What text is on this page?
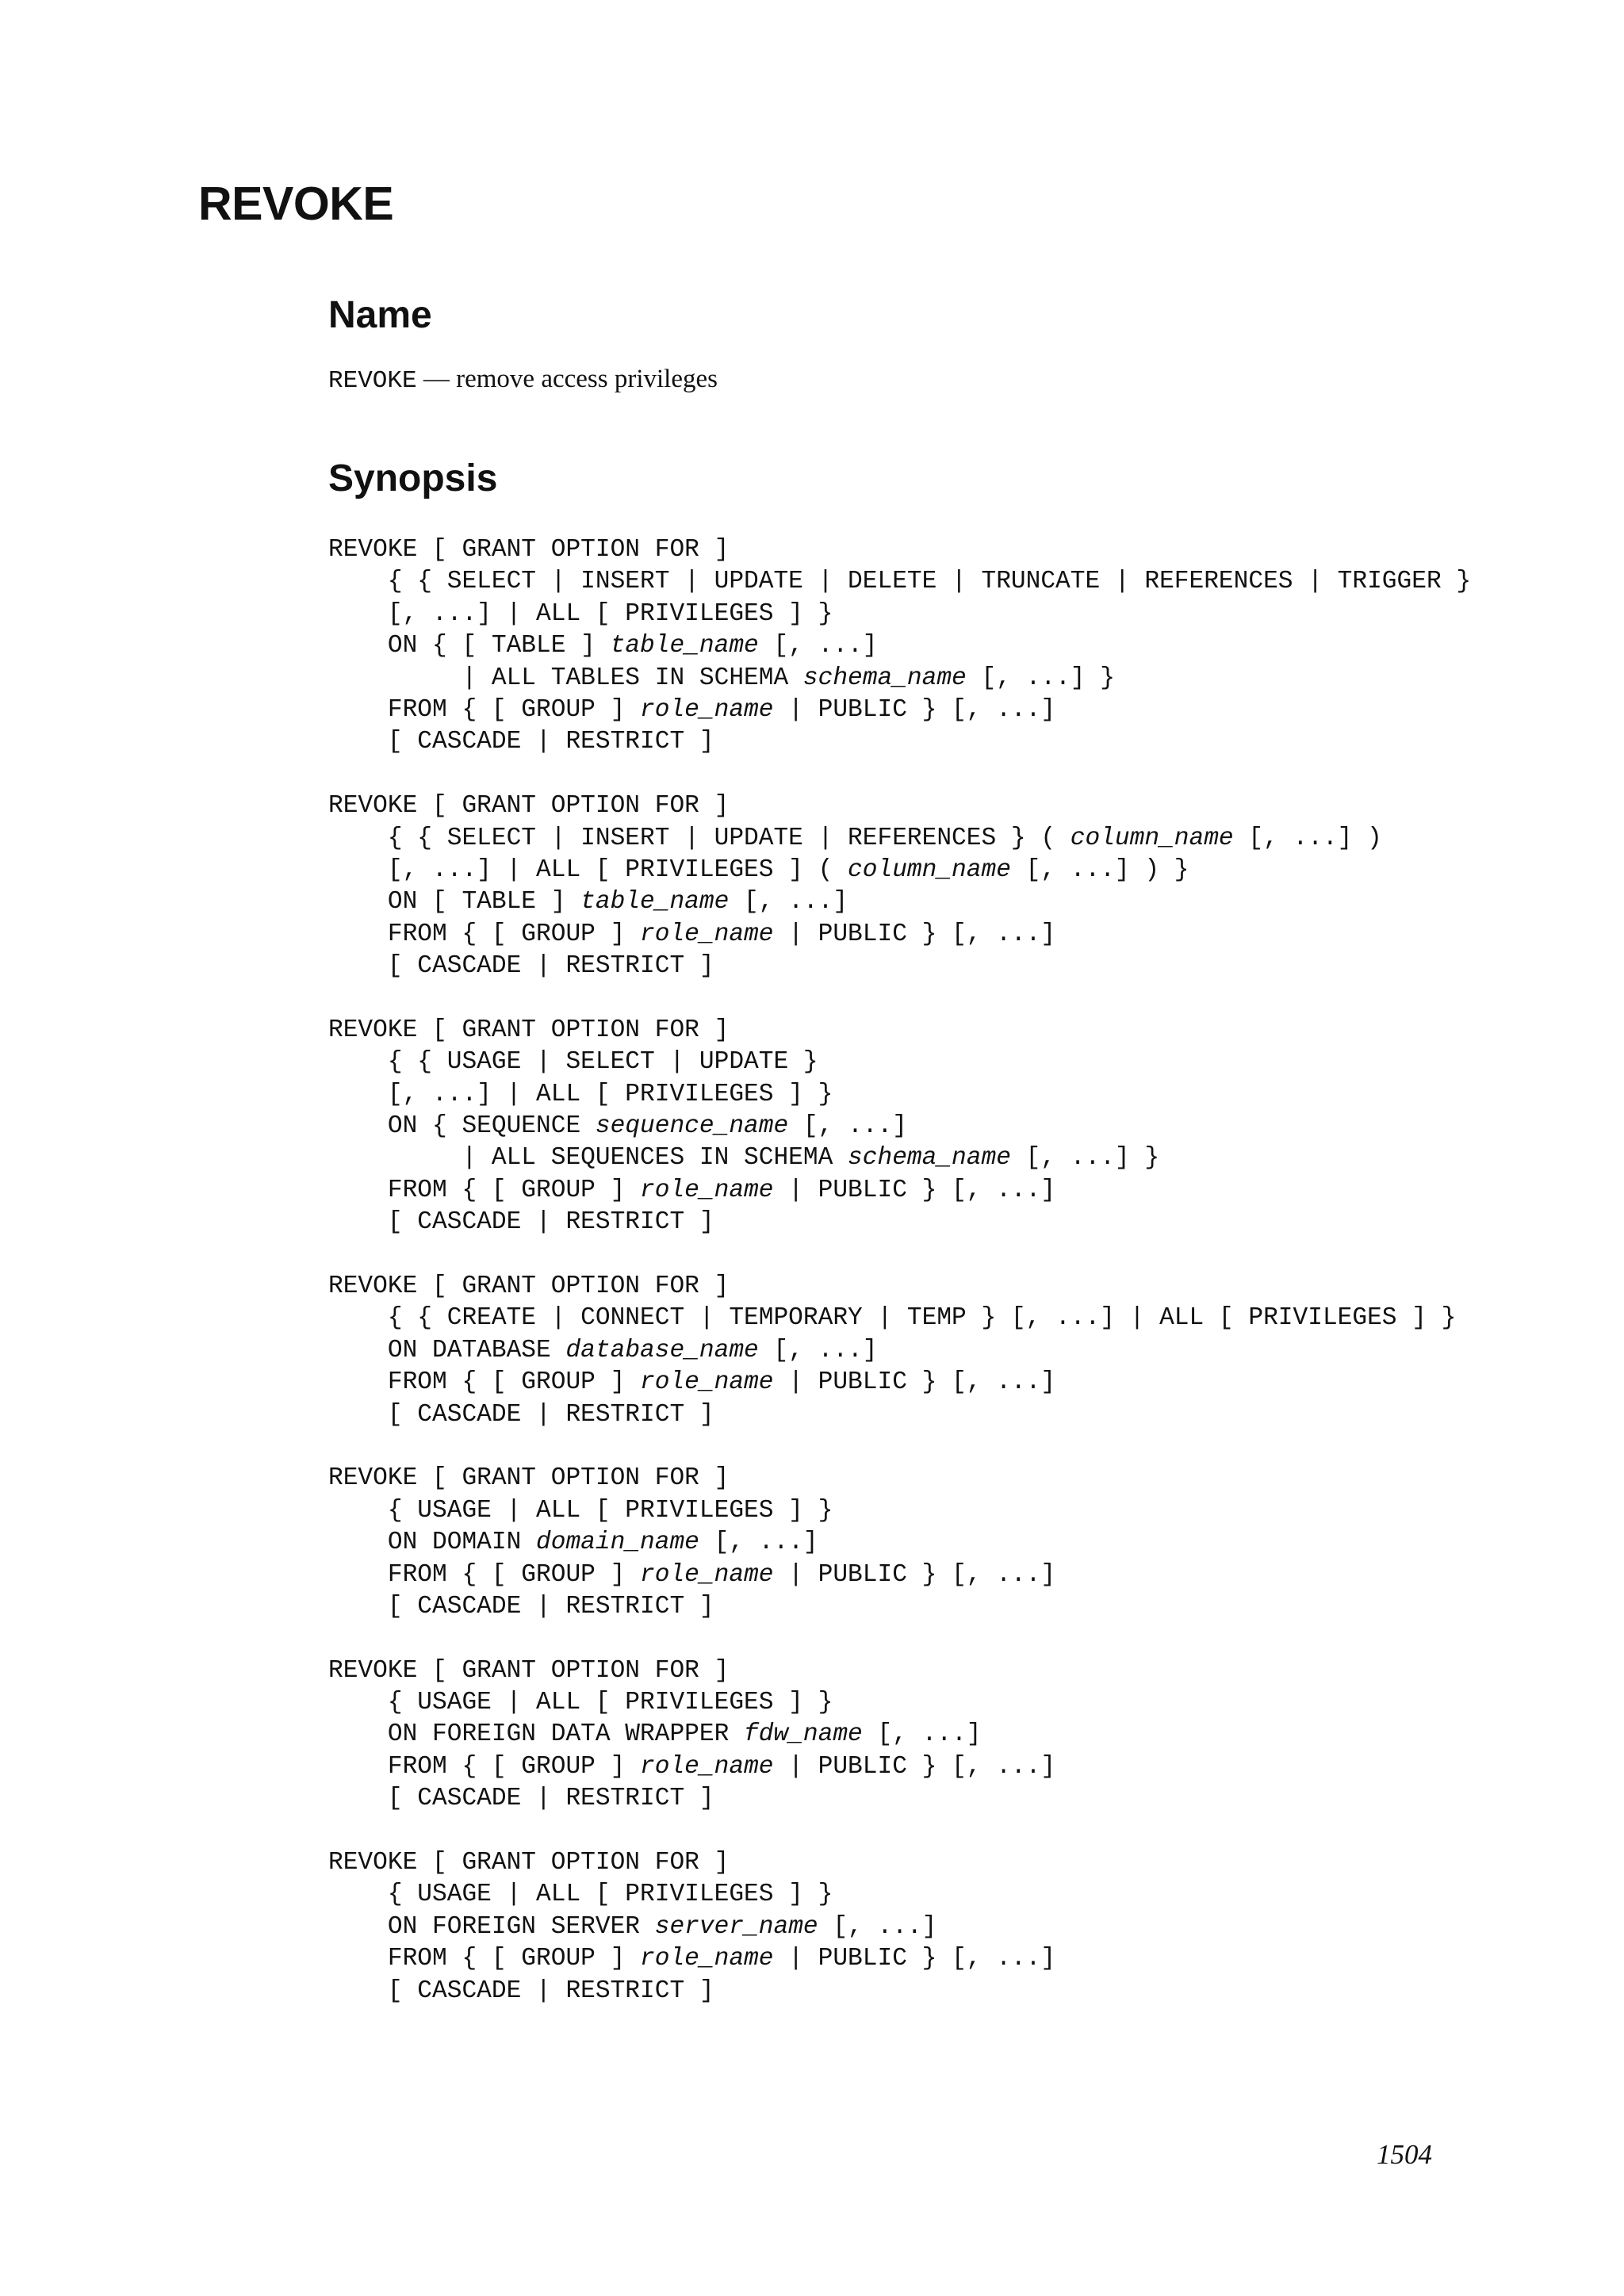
REVOKE
Name

REVOKE — remove access privileges

Synopsis
REVOKE [ GRANT OPTION FOR ]
{ { SELECT | INSERT | UPDATE | DELETE | TRUNCATE | REFERENCES | TRIGGER }
[, ...] | ALL [ PRIVILEGES ] }
ON { [ TABLE ] table_name [, ...]
| ALL TABLES IN SCHEMA schema_name [, ...] }
FROM { [ GROUP ] role_name | PUBLIC } [, ...]
[ CASCADE | RESTRICT ]
REVOKE [ GRANT OPTION FOR ]
{ { SELECT | INSERT | UPDATE | REFERENCES } ( column_name [, ...] )
[, ...] | ALL [ PRIVILEGES ] ( column_name [, ...] ) }
ON [ TABLE ] table_name [, ...]
FROM { [ GROUP ] role_name | PUBLIC } [, ...]
[ CASCADE | RESTRICT ]
REVOKE [ GRANT OPTION FOR ]
{ { USAGE | SELECT | UPDATE }
[, ...] | ALL [ PRIVILEGES ] }
ON { SEQUENCE sequence_name [, ...]
| ALL SEQUENCES IN SCHEMA schema_name [, ...] }
FROM { [ GROUP ] role_name | PUBLIC } [, ...]
[ CASCADE | RESTRICT ]
REVOKE [ GRANT OPTION FOR ]
{ { CREATE | CONNECT | TEMPORARY | TEMP } [, ...] | ALL [ PRIVILEGES ] }
ON DATABASE database_name [, ...]
FROM { [ GROUP ] role_name | PUBLIC } [, ...]
[ CASCADE | RESTRICT ]
REVOKE [ GRANT OPTION FOR ]
{ USAGE | ALL [ PRIVILEGES ] }
ON DOMAIN domain_name [, ...]
FROM { [ GROUP ] role_name | PUBLIC } [, ...]
[ CASCADE | RESTRICT ]
REVOKE [ GRANT OPTION FOR ]
{ USAGE | ALL [ PRIVILEGES ] }
ON FOREIGN DATA WRAPPER fdw_name [, ...]
FROM { [ GROUP ] role_name | PUBLIC } [, ...]
[ CASCADE | RESTRICT ]
REVOKE [ GRANT OPTION FOR ]
{ USAGE | ALL [ PRIVILEGES ] }
ON FOREIGN SERVER server_name [, ...]
FROM { [ GROUP ] role_name | PUBLIC } [, ...]
[ CASCADE | RESTRICT ]
1504
